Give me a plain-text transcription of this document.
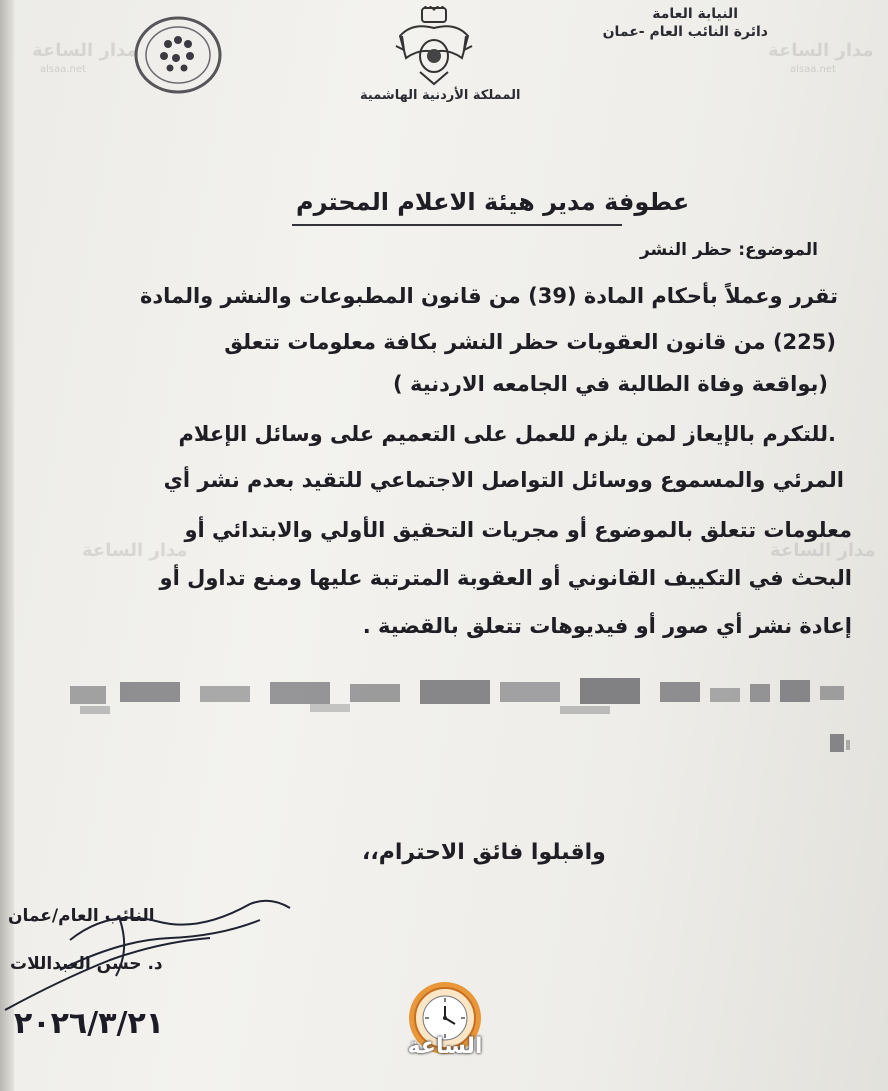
مدار الساعة
alsaa.net
مدار الساعة
alsaa.net
مدار الساعة	مدار الساعة
النيابة العامة
دائرة النائب العام -عمان
المملكة الأردنية الهاشمية
عطوفة مدير هيئة الاعلام المحترم
الموضوع: حظر النشر
تقرر وعملاً بأحكام المادة (39) من قانون المطبوعات والنشر والمادة
(225) من قانون العقوبات حظر النشر بكافة معلومات تتعلق
(بواقعة وفاة الطالبة في الجامعه الاردنية )
.للتكرم بالإيعاز لمن يلزم للعمل على التعميم على وسائل الإعلام
المرئي والمسموع ووسائل التواصل الاجتماعي للتقيد بعدم نشر أي
معلومات تتعلق بالموضوع أو مجريات التحقيق الأولي والابتدائي أو
البحث في التكييف القانوني أو العقوبة المترتبة عليها ومنع تداول أو
إعادة نشر أي صور أو فيديوهات تتعلق بالقضية .
واقبلوا فائق الاحترام،،
النائب العام/عمان
د. حسن العبداللات
٢٠٢٦/٣/٢١
الساعة
